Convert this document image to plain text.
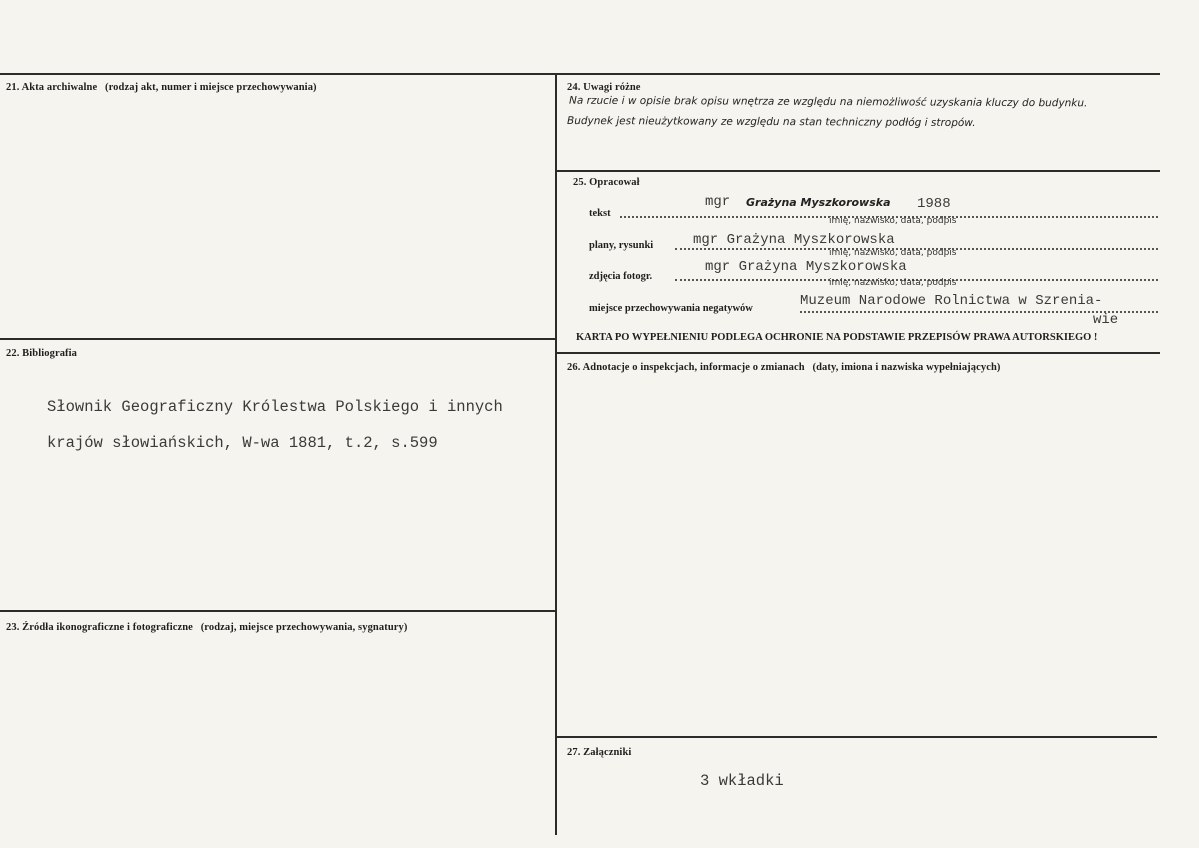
21. Akta archiwalne (rodzaj akt, numer i miejsce przechowywania)
22. Bibliografia
Słownik Geograficzny Królestwa Polskiego i innych
krajów słowiańskich, W-wa 1881, t.2, s.599
23. Źródła ikonograficzne i fotograficzne (rodzaj, miejsce przechowywania, sygnatury)
24. Uwagi różne
Na rzucie i w opisie brak opisu wnętrza ze względu na niemożliwość uzyskania kluczy do budynku.
Budynek jest nieużytkowany ze względu na stan techniczny podłóg i stropów.
25. Opracował
tekst
mgr Grażyna Myszkorowska 1988
imię, nazwisko, data, podpis
plany, rysunki	mgr Grażyna Myszkorowska
imię, nazwisko, data, podpis
zdjęcia fotogr.
mgr Grażyna Myszkorowska
imię, nazwisko, data, podpis
miejsce przechowywania negatywów	Muzeum Narodowe Rolnictwa w Szrenia-
wie
KARTA PO WYPEŁNIENIU PODLEGA OCHRONIE NA PODSTAWIE PRZEPISÓW PRAWA AUTORSKIEGO !
26. Adnotacje o inspekcjach, informacje o zmianach (daty, imiona i nazwiska wypełniających)
27. Załączniki
3 wkładki
